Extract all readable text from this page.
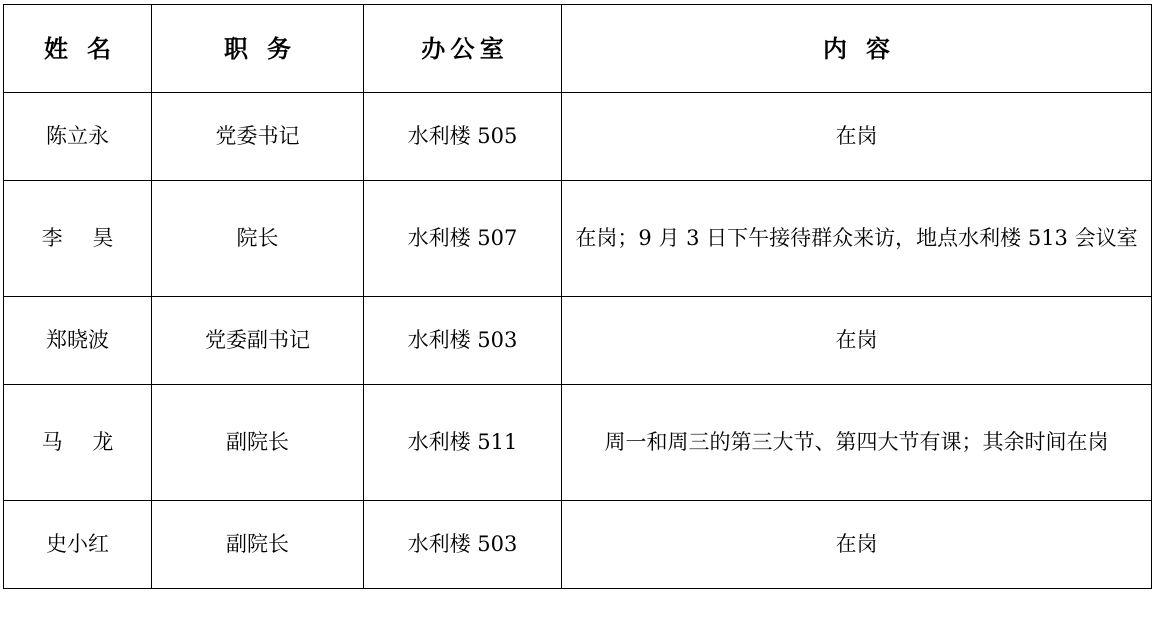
姓 名	职 务	办公室	内 容
陈立永	党委书记	水利楼 505	在岗
李 昊	院长	水利楼 507	在岗；9 月 3 日下午接待群众来访，地点水利楼 513 会议室
郑晓波	党委副书记	水利楼 503	在岗
马 龙	副院长	水利楼 511	周一和周三的第三大节、第四大节有课；其余时间在岗
史小红	副院长	水利楼 503	在岗
